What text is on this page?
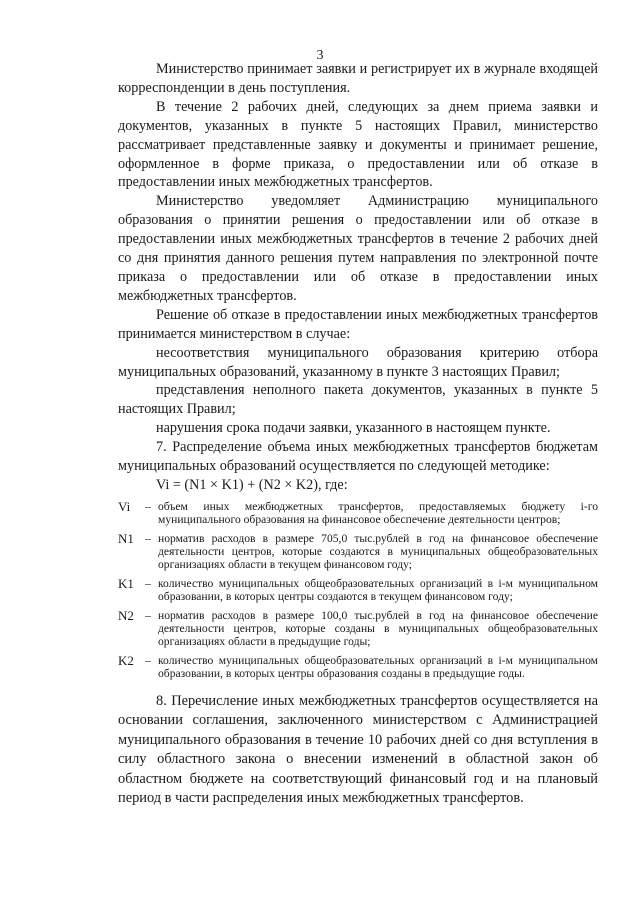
3

Министерство принимает заявки и регистрирует их в журнале входящей корреспонденции в день поступления.

В течение 2 рабочих дней, следующих за днем приема заявки и документов, указанных в пункте 5 настоящих Правил, министерство рассматривает представленные заявку и документы и принимает решение, оформленное в форме приказа, о предоставлении или об отказе в предоставлении иных межбюджетных трансфертов.

Министерство уведомляет Администрацию муниципального образования о принятии решения о предоставлении или об отказе в предоставлении иных межбюджетных трансфертов в течение 2 рабочих дней со дня принятия данного решения путем направления по электронной почте приказа о предоставлении или об отказе в предоставлении иных межбюджетных трансфертов.

Решение об отказе в предоставлении иных межбюджетных трансфертов принимается министерством в случае:

несоответствия муниципального образования критерию отбора муниципальных образований, указанному в пункте 3 настоящих Правил;

представления неполного пакета документов, указанных в пункте 5 настоящих Правил;

нарушения срока подачи заявки, указанного в настоящем пункте.

7. Распределение объема иных межбюджетных трансфертов бюджетам муниципальных образований осуществляется по следующей методике:

Vi = (N1 × K1) + (N2 × K2), где:

Vi	– объем иных межбюджетных трансфертов, предоставляемых бюджету i-го муниципального образования на финансовое обеспечение деятельности центров;
N1 – норматив расходов в размере 705,0 тыс.рублей в год на финансовое обеспечение деятельности центров, которые создаются в муниципальных общеобразовательных организациях области в текущем финансовом году;
K1 – количество муниципальных общеобразовательных организаций в i-м муниципальном образовании, в которых центры создаются в текущем финансовом году;
N2 – норматив расходов в размере 100,0 тыс.рублей в год на финансовое обеспечение деятельности центров, которые созданы в муниципальных общеобразовательных организациях области в предыдущие годы;
K2 – количество муниципальных общеобразовательных организаций в i-м муниципальном образовании, в которых центры образования созданы в предыдущие годы.

8. Перечисление иных межбюджетных трансфертов осуществляется на основании соглашения, заключенного министерством с Администрацией муниципального образования в течение 10 рабочих дней со дня вступления в силу областного закона о внесении изменений в областной закон об областном бюджете на соответствующий финансовый год и на плановый период в части распределения иных межбюджетных трансфертов.
